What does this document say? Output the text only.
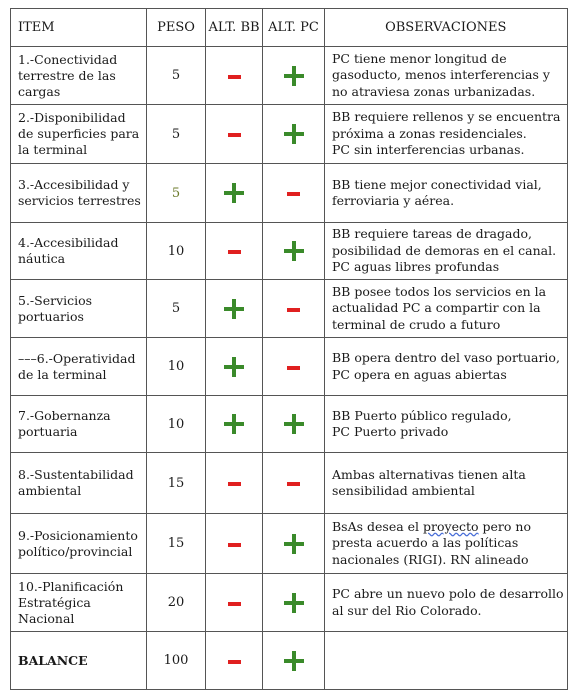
ITEM	PESO	ALT. BB	ALT. PC	OBSERVACIONES

1.-Conectividad
terrestre de las
cargas	5			PC tiene menor longitud de
gasoducto, menos interferencias y
no atraviesa zonas urbanizadas.

2.-Disponibilidad
de superficies para
la terminal	5			BB requiere rellenos y se encuentra
próxima a zonas residenciales.
PC sin interferencias urbanas.

3.-Accesibilidad y
servicios terrestres	5			BB tiene mejor conectividad vial,
ferroviaria y aérea.

4.-Accesibilidad
náutica	10			BB requiere tareas de dragado,
posibilidad de demoras en el canal.
PC aguas libres profundas

5.-Servicios
portuarios	5			BB posee todos los servicios en la
actualidad PC a compartir con la
terminal de crudo a futuro

–––6.-Operatividad
de la terminal	10			BB opera dentro del vaso portuario,
PC opera en aguas abiertas

7.-Gobernanza
portuaria	10			BB Puerto público regulado,
PC Puerto privado

8.-Sustentabilidad
ambiental	15			Ambas alternativas tienen alta
sensibilidad ambiental

9.-Posicionamiento
político/provincial	15			BsAs desea el proyecto pero no
presta acuerdo a las políticas
nacionales (RIGI). RN alineado

10.-Planificación
Estratégica
Nacional	20			PC abre un nuevo polo de desarrollo
al sur del Rio Colorado.

BALANCE	100			
